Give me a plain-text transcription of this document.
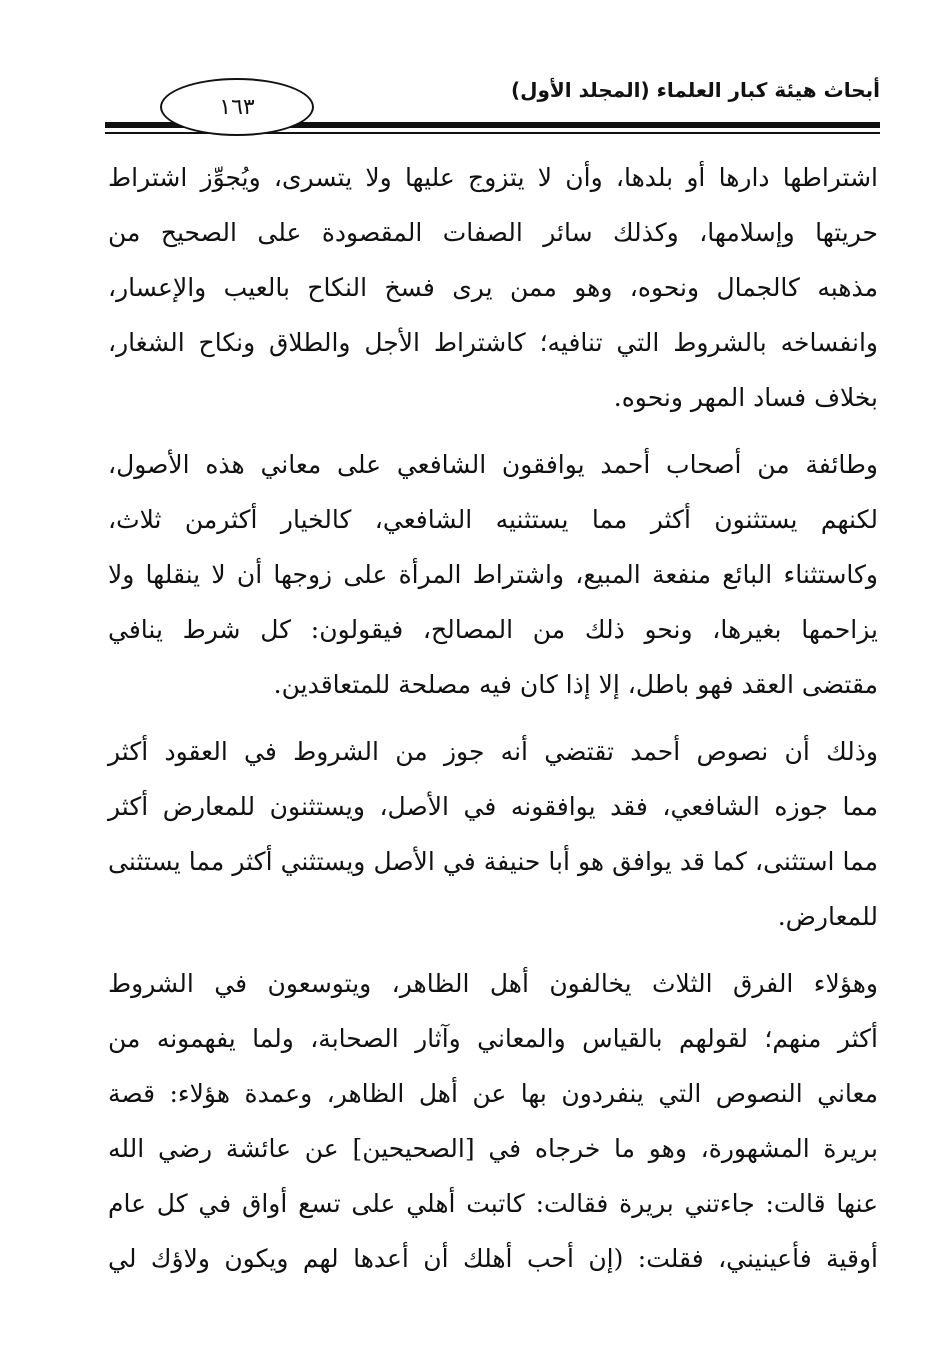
أبحاث هيئة كبار العلماء (المجلد الأول)
١٦٣
اشتراطها دارها أو بلدها، وأن لا يتزوج عليها ولا يتسرى، ويُجوِّز اشتراط
حريتها وإسلامها، وكذلك سائر الصفات المقصودة على الصحيح من
مذهبه كالجمال ونحوه، وهو ممن يرى فسخ النكاح بالعيب والإعسار،
وانفساخه بالشروط التي تنافيه؛ كاشتراط الأجل والطلاق ونكاح الشغار،
بخلاف فساد المهر ونحوه.
وطائفة من أصحاب أحمد يوافقون الشافعي على معاني هذه الأصول،
لكنهم يستثنون أكثر مما يستثنيه الشافعي، كالخيار أكثرمن ثلاث،
وكاستثناء البائع منفعة المبيع، واشتراط المرأة على زوجها أن لا ينقلها ولا
يزاحمها بغيرها، ونحو ذلك من المصالح، فيقولون: كل شرط ينافي
مقتضى العقد فهو باطل، إلا إذا كان فيه مصلحة للمتعاقدين.
وذلك أن نصوص أحمد تقتضي أنه جوز من الشروط في العقود أكثر
مما جوزه الشافعي، فقد يوافقونه في الأصل، ويستثنون للمعارض أكثر
مما استثنى، كما قد يوافق هو أبا حنيفة في الأصل ويستثني أكثر مما يستثنى
للمعارض.
وهؤلاء الفرق الثلاث يخالفون أهل الظاهر، ويتوسعون في الشروط
أكثر منهم؛ لقولهم بالقياس والمعاني وآثار الصحابة، ولما يفهمونه من
معاني النصوص التي ينفردون بها عن أهل الظاهر، وعمدة هؤلاء: قصة
بريرة المشهورة، وهو ما خرجاه في [الصحيحين] عن عائشة رضي الله
عنها قالت: جاءتني بريرة فقالت: كاتبت أهلي على تسع أواق في كل عام
أوقية فأعينيني، فقلت: (إن أحب أهلك أن أعدها لهم ويكون ولاؤك لي
